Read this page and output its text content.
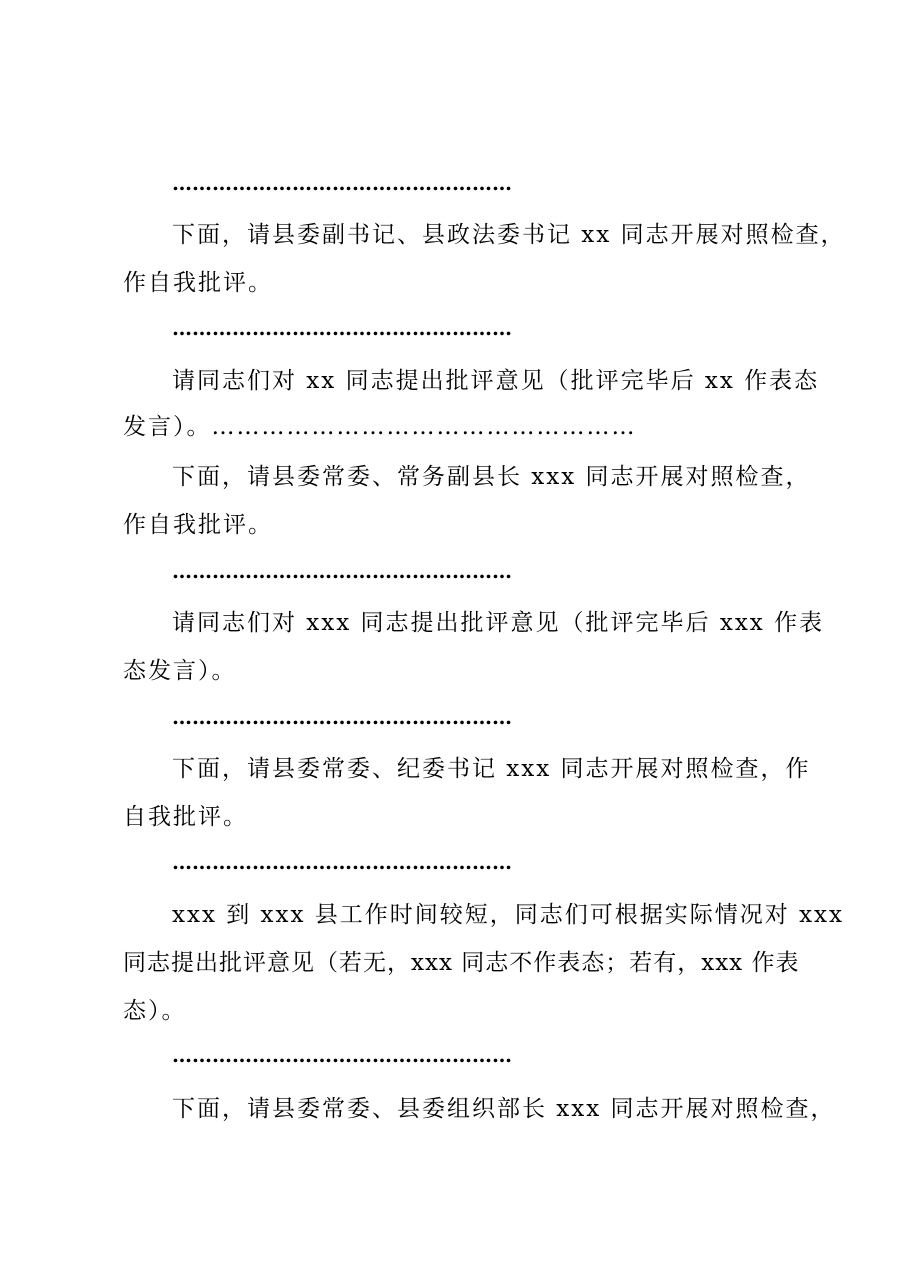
……………………………………………
下面，请县委副书记、县政法委书记 xx 同志开展对照检查，
作自我批评。
……………………………………………
请同志们对 xx 同志提出批评意见（批评完毕后 xx 作表态
发言）。……………………………………………
下面，请县委常委、常务副县长 xxx 同志开展对照检查，
作自我批评。
……………………………………………
请同志们对 xxx 同志提出批评意见（批评完毕后 xxx 作表
态发言）。
……………………………………………
下面，请县委常委、纪委书记 xxx 同志开展对照检查，作
自我批评。
……………………………………………
xxx 到 xxx 县工作时间较短，同志们可根据实际情况对 xxx
同志提出批评意见（若无，xxx 同志不作表态；若有，xxx 作表
态）。
……………………………………………
下面，请县委常委、县委组织部长 xxx 同志开展对照检查，
